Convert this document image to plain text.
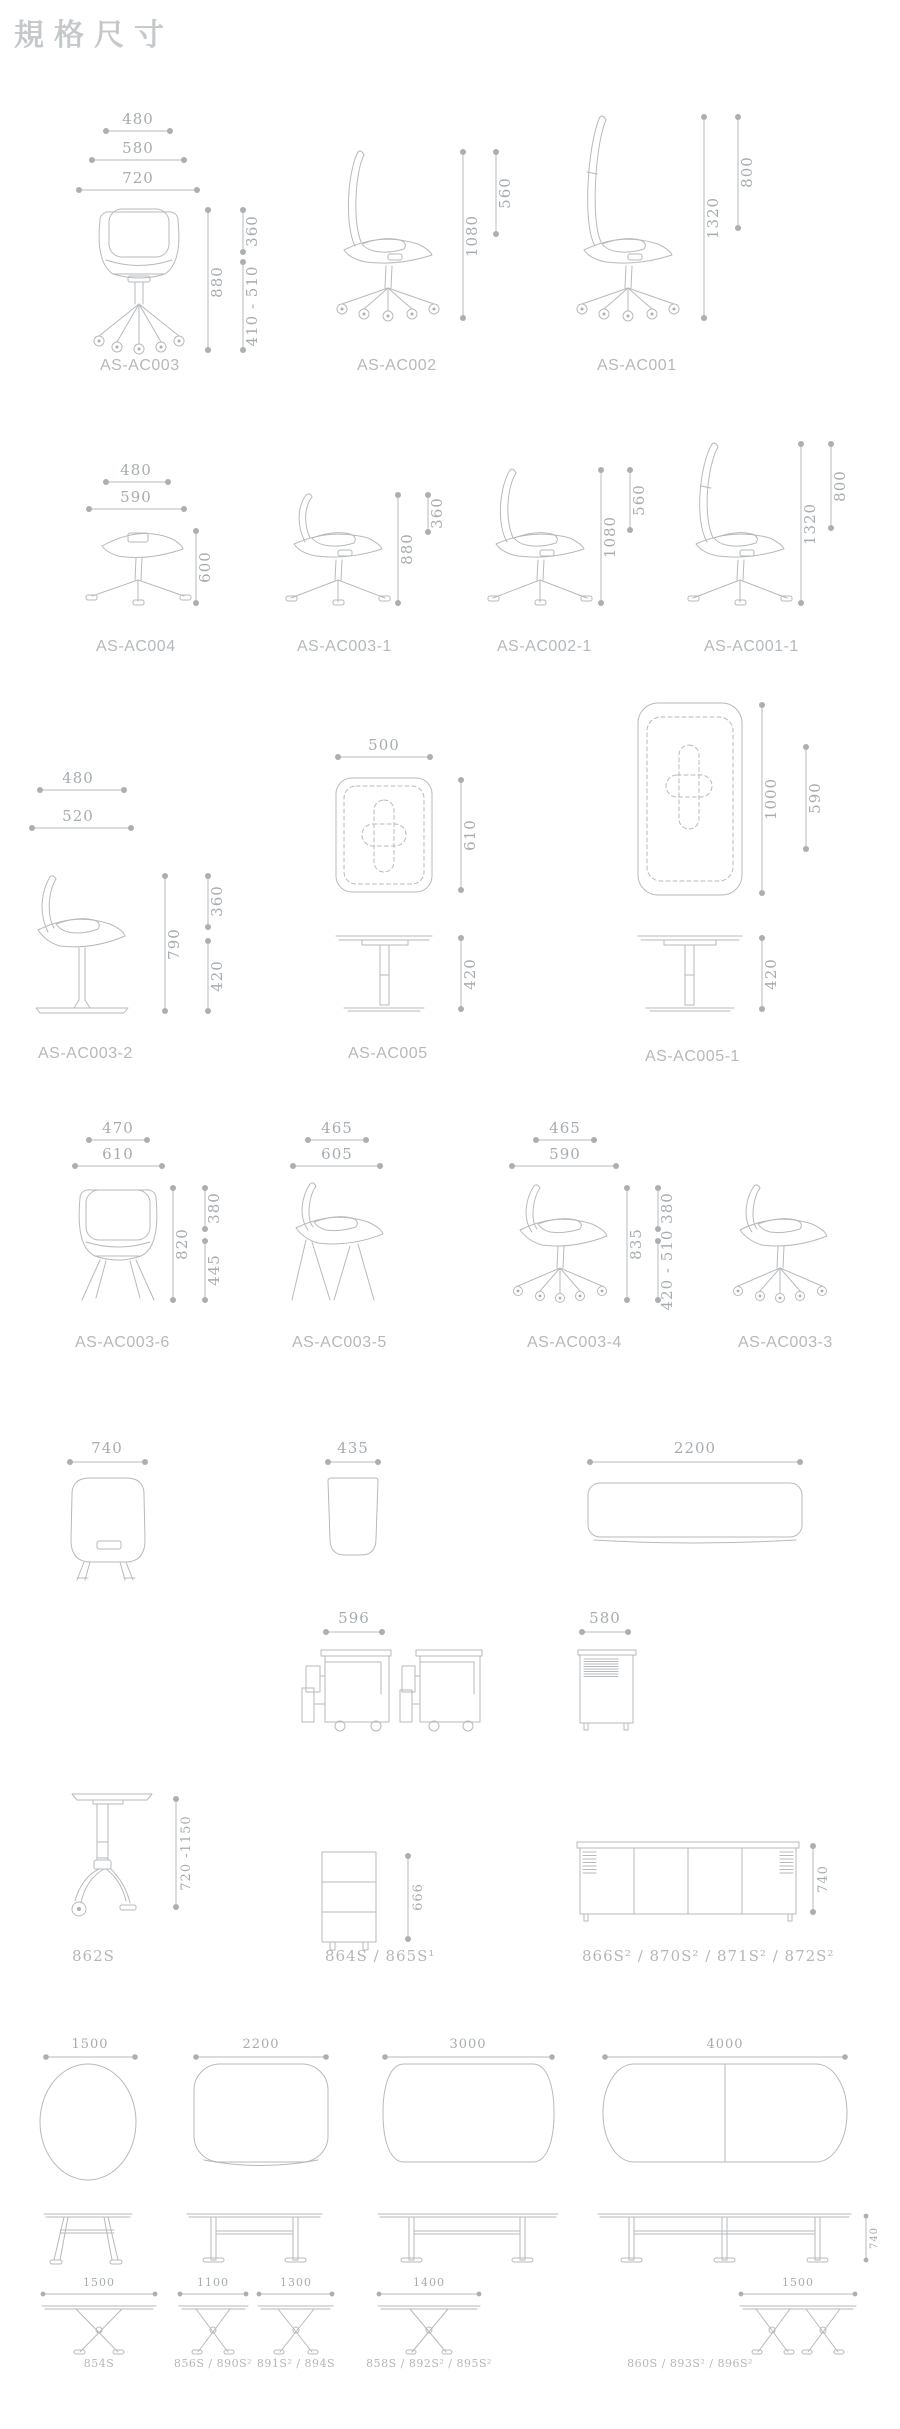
規格尺寸
480
580
720
880
360
410 - 510
AS-AC003
1080
560
AS-AC002
1320
800
AS-AC001
480
590
600
AS-AC004
880
360
AS-AC003-1
1080
560
AS-AC002-1
1320
800
AS-AC001-1
480
520
790
360
420
AS-AC003-2
500
610
420
AS-AC005
1000 590
420
AS-AC005-1
470
610
820
380
445
AS-AC003-6
465
605
AS-AC003-5
465
590
835
380
420 - 510
AS-AC003-4	AS-AC003-3
740	435	2200
596	580
720 -1150
862S
666
864S / 865S¹
740
866S² / 870S² / 871S² / 872S²
1500	2200	3000	4000
740
1500
854S
1100
856S / 890S²
1300
891S² / 894S
1400
858S / 892S² / 895S²
1500
860S / 893S² / 896S²
